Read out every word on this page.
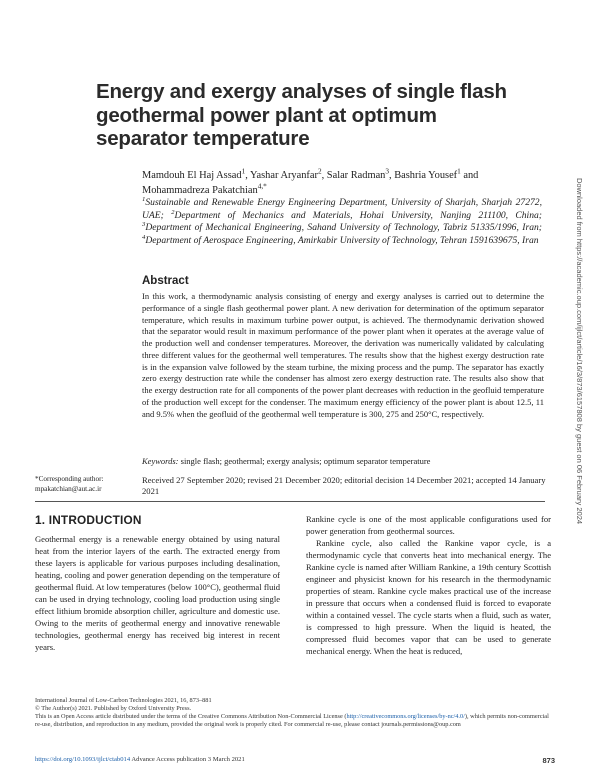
Energy and exergy analyses of single flash geothermal power plant at optimum separator temperature
Mamdouh El Haj Assad$^1$, Yashar Aryanfar$^2$, Salar Radman$^3$, Bashria Yousef$^1$ and Mohammadreza Pakatchian$^{4,*}$
$^1$Sustainable and Renewable Energy Engineering Department, University of Sharjah, Sharjah 27272, UAE; $^2$Department of Mechanics and Materials, Hohai University, Nanjing 211100, China; $^3$Department of Mechanical Engineering, Sahand University of Technology, Tabriz 51335/1996, Iran; $^4$Department of Aerospace Engineering, Amirkabir University of Technology, Tehran 1591639675, Iran
Abstract

In this work, a thermodynamic analysis consisting of energy and exergy analyses is carried out to determine the performance of a single flash geothermal power plant. A new derivation for determination of the optimum separator temperature, which results in maximum turbine power output, is achieved. The thermodynamic derivation showed that the separator would result in maximum performance of the power plant when it operates at the average value of the production well and condenser temperatures. Moreover, the derivation was numerically validated by calculating three different values for the geothermal well temperatures. The results show that the highest exergy destruction rate is in the expansion valve followed by the steam turbine, the mixing process and the pump. The separator has exactly zero exergy destruction rate while the condenser has almost zero exergy destruction rate. The results also show that the exergy destruction rate for all components of the power plant decreases with reduction in the geofluid temperature of the production well except for the condenser. The maximum energy efficiency of the power plant is about 12.5, 11 and 9.5% when the geofluid of the geothermal well temperature is 300, 275 and 250°C, respectively.

Keywords: single flash; geothermal; exergy analysis; optimum separator temperature
*Corresponding author: mpakatchian@aut.ac.ir
Received 27 September 2020; revised 21 December 2020; editorial decision 14 December 2021; accepted 14 January 2021
1. INTRODUCTION

Geothermal energy is a renewable energy obtained by using natural heat from the interior layers of the earth. The extracted energy from these layers is applicable for various purposes including desalination, heating, cooling and power generation depending on the temperature of geothermal fluid. At low temperatures (below 100°C), geothermal fluid can be used in drying technology, cooling load production using single effect lithium bromide absorption chiller, agriculture and domestic use. Owing to the merits of geothermal energy and innovative renewable technologies, geothermal energy has received big interest in recent years.

Rankine cycle is one of the most applicable configurations used for power generation from geothermal sources.

Rankine cycle, also called the Rankine vapor cycle, is a thermodynamic cycle that converts heat into mechanical energy. The Rankine cycle is named after William Rankine, a 19th century Scottish engineer and physicist known for his research in the thermodynamic properties of steam. Rankine cycle makes practical use of the increase in pressure that occurs when a condensed fluid is forced to evaporate within a contained vessel. The cycle starts when a fluid, such as water, is compressed to high pressure. When the liquid is heated, the compressed fluid becomes vapor that can be used to generate mechanical energy. When the heat is reduced,

International Journal of Low-Carbon Technologies 2021, 16, 873–881
© The Author(s) 2021. Published by Oxford University Press.
This is an Open Access article distributed under the terms of the Creative Commons Attribution Non-Commercial License (http://creativecommons.org/licenses/by-nc/4.0/), which permits non-commercial re-use, distribution, and reproduction in any medium, provided the original work is properly cited. For commercial re-use, please contact journals.permissions@oup.com
https://doi.org/10.1093/ijlct/ctab014 Advance Access publication 3 March 2021	873
Downloaded from https://academic.oup.com/ijlct/article/16/3/873/6157808 by guest on 06 February 2024
